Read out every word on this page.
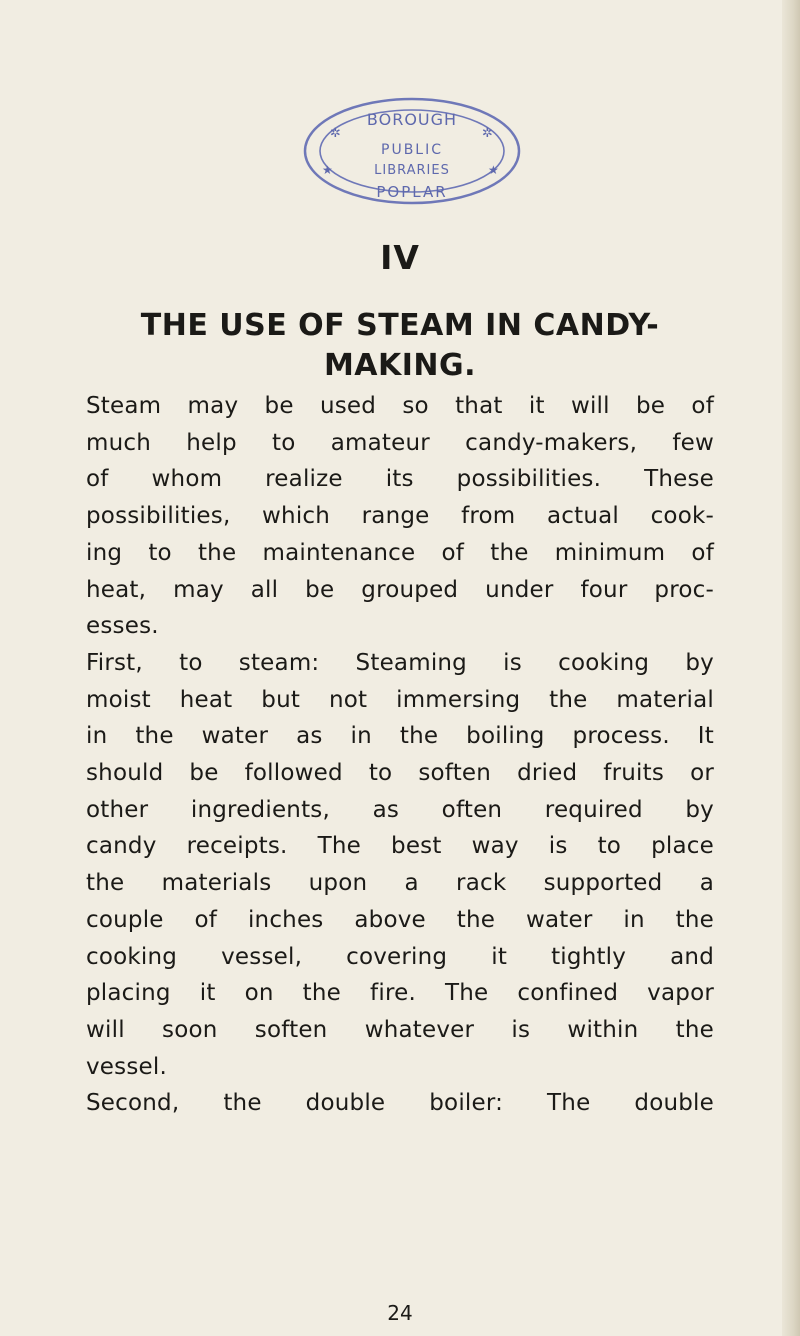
BOROUGH
PUBLIC
LIBRARIES
POPLAR
✲	✲
★	★
IV
THE USE OF STEAM IN CANDY-
MAKING.
Steam may be used so that it will be of
much help to amateur candy-makers, few
of whom realize its possibilities. These
possibilities, which range from actual cook-
ing to the maintenance of the minimum of
heat, may all be grouped under four proc-
esses.
First, to steam: Steaming is cooking by
moist heat but not immersing the material
in the water as in the boiling process. It
should be followed to soften dried fruits or
other ingredients, as often required by
candy receipts. The best way is to place
the materials upon a rack supported a
couple of inches above the water in the
cooking vessel, covering it tightly and
placing it on the fire. The confined vapor
will soon soften whatever is within the
vessel.
Second, the double boiler: The double
24
